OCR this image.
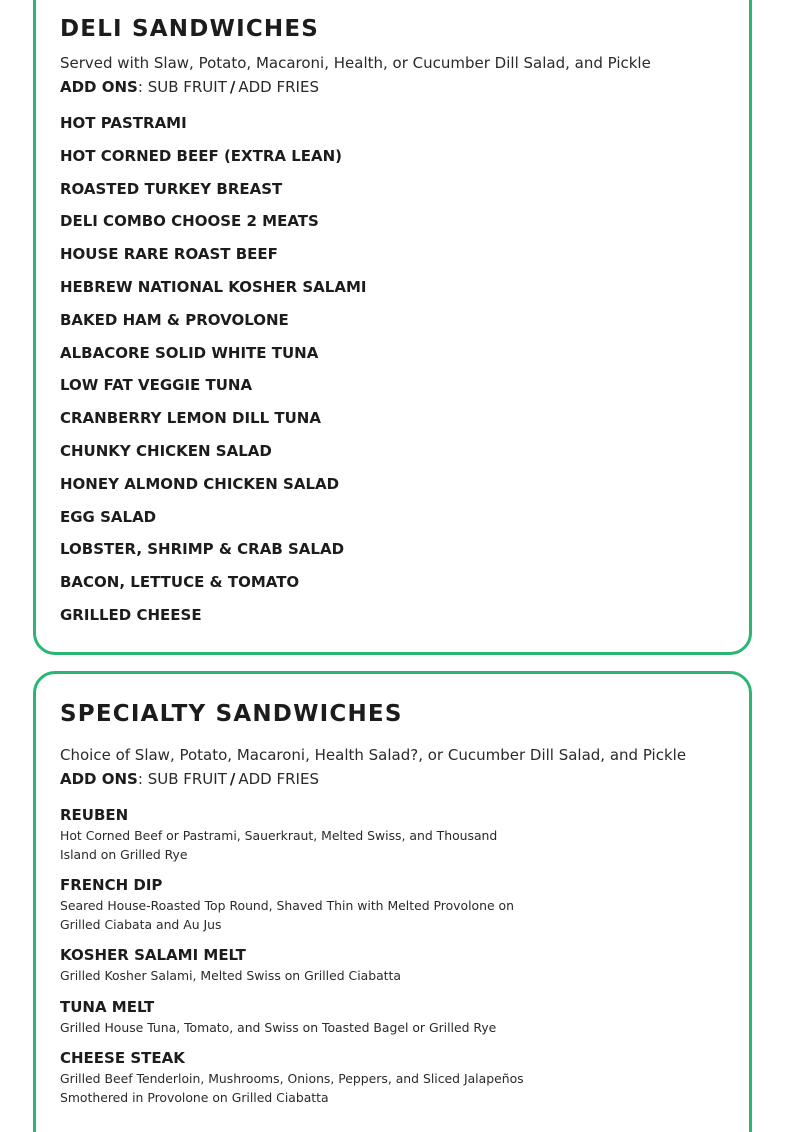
DELI SANDWICHES

Served with Slaw, Potato, Macaroni, Health, or Cucumber Dill Salad, and Pickle

ADD ONS: SUB FRUIT / ADD FRIES

HOT PASTRAMI
HOT CORNED BEEF (EXTRA LEAN)
ROASTED TURKEY BREAST
DELI COMBO CHOOSE 2 MEATS
HOUSE RARE ROAST BEEF
HEBREW NATIONAL KOSHER SALAMI
BAKED HAM & PROVOLONE
ALBACORE SOLID WHITE TUNA
LOW FAT VEGGIE TUNA
CRANBERRY LEMON DILL TUNA
CHUNKY CHICKEN SALAD
HONEY ALMOND CHICKEN SALAD
EGG SALAD
LOBSTER, SHRIMP & CRAB SALAD
BACON, LETTUCE & TOMATO
GRILLED CHEESE
SPECIALTY SANDWICHES

Choice of Slaw, Potato, Macaroni, Health Salad?, or Cucumber Dill Salad, and Pickle

ADD ONS: SUB FRUIT / ADD FRIES

REUBEN
Hot Corned Beef or Pastrami, Sauerkraut, Melted Swiss, and Thousand Island on Grilled Rye
FRENCH DIP
Seared House-Roasted Top Round, Shaved Thin with Melted Provolone on Grilled Ciabata and Au Jus
KOSHER SALAMI MELT
Grilled Kosher Salami, Melted Swiss on Grilled Ciabatta
TUNA MELT
Grilled House Tuna, Tomato, and Swiss on Toasted Bagel or Grilled Rye
CHEESE STEAK
Grilled Beef Tenderloin, Mushrooms, Onions, Peppers, and Sliced Jalapeños Smothered in Provolone on Grilled Ciabatta
